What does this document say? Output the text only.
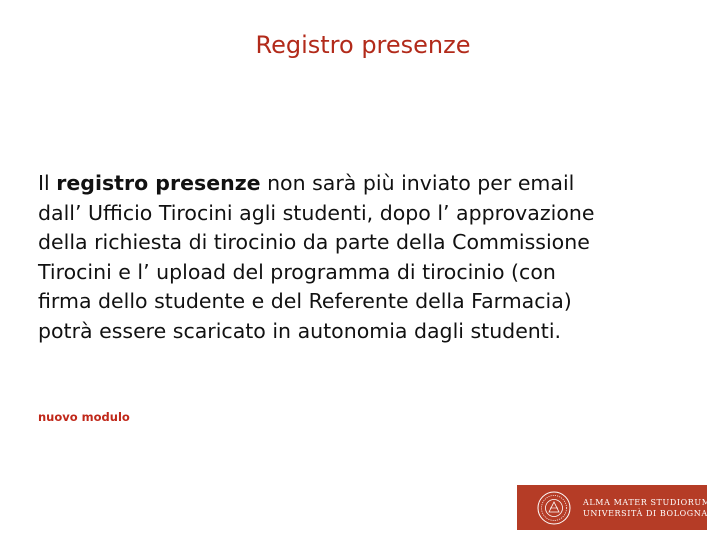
Registro presenze

Il registro presenze non sarà più inviato per email
dall’ Ufficio Tirocini agli studenti, dopo l’ approvazione
della richiesta di tirocinio da parte della Commissione
Tirocini e l’ upload del programma di tirocinio (con
firma dello studente e del Referente della Farmacia)
potrà essere scaricato in autonomia dagli studenti.

nuovo modulo
ALMA MATER STUDIORUM
UNIVERSITÀ DI BOLOGNA
